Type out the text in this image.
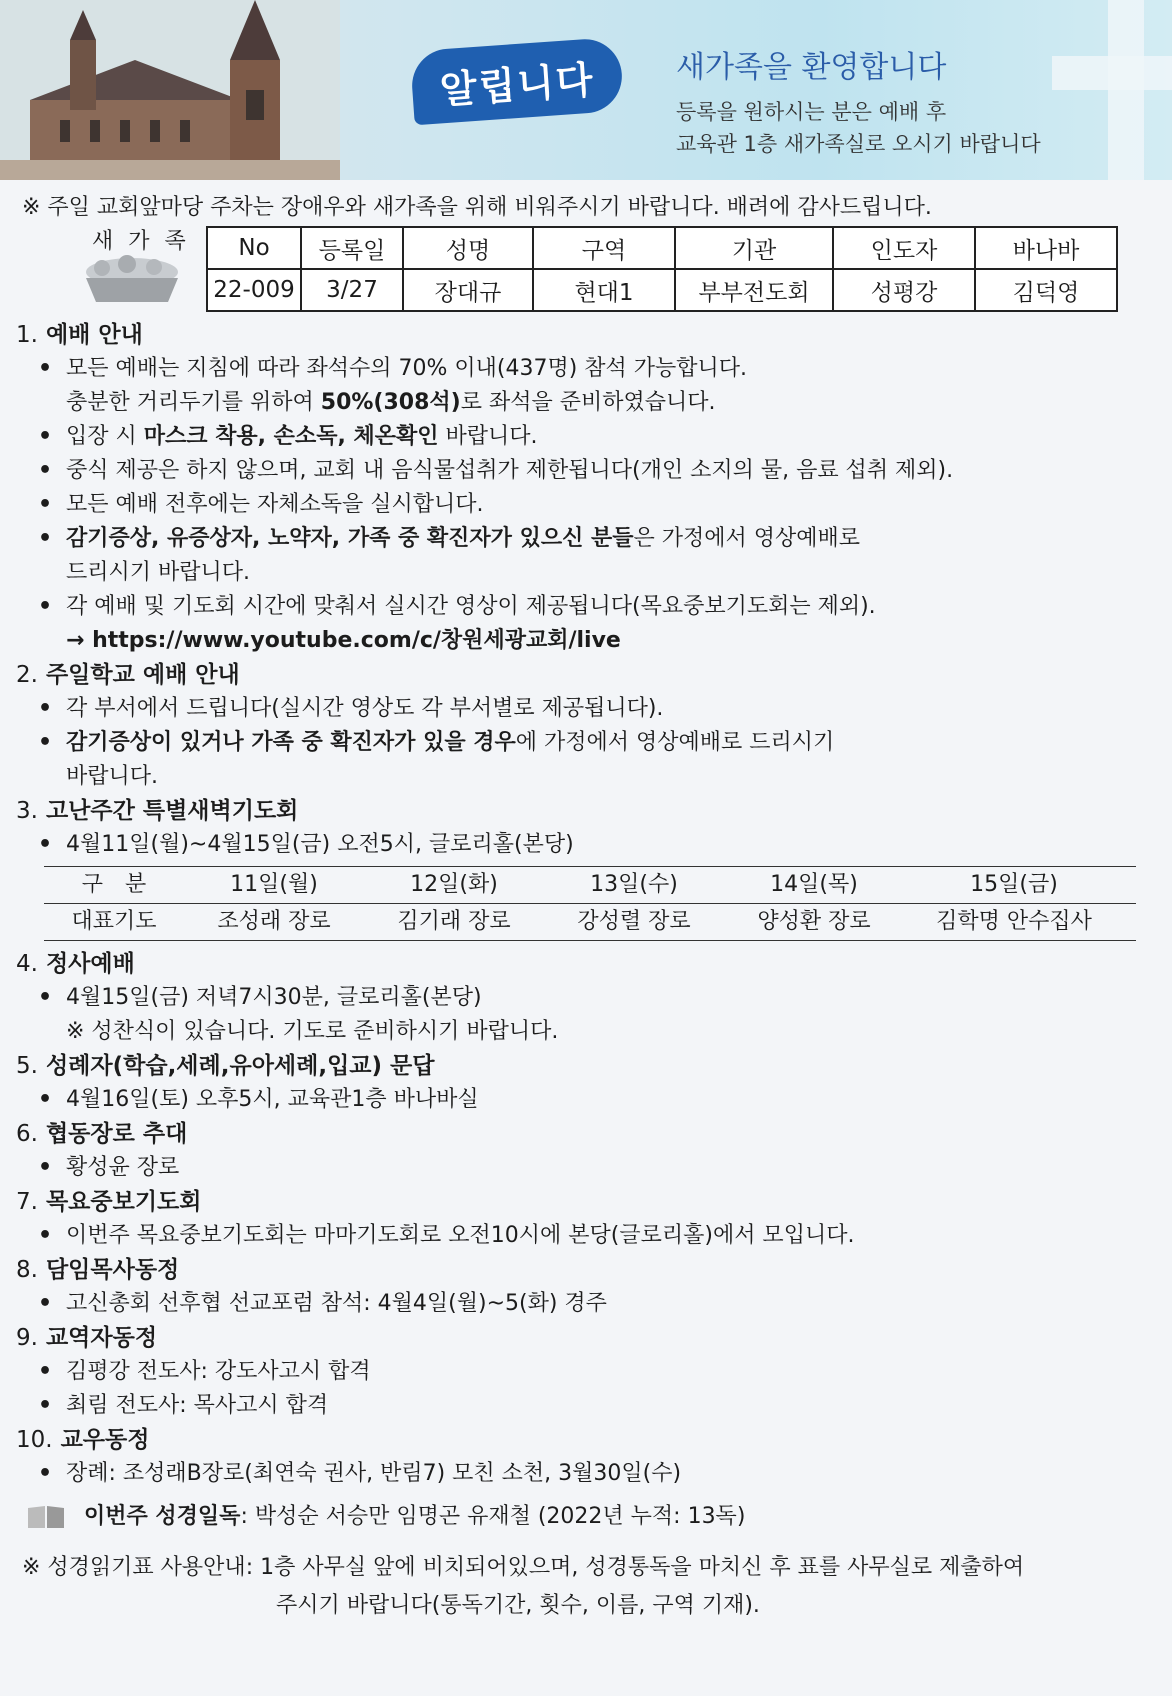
알립니다	새가족을 환영합니다
등록을 원하시는 분은 예배 후
교육관 1층 새가족실로 오시기 바랍니다
※ 주일 교회앞마당 주차는 장애우와 새가족을 위해 비워주시기 바랍니다. 배려에 감사드립니다.
새 가 족 No	등록일	성명	구역	기관	인도자	바나바
22-009	3/27	장대규	현대1	부부전도회	성평강	김덕영
1. 예배 안내
• 모든 예배는 지침에 따라 좌석수의 70% 이내(437명) 참석 가능합니다.
충분한 거리두기를 위하여 50%(308석)로 좌석을 준비하였습니다.
• 입장 시 마스크 착용, 손소독, 체온확인 바랍니다.
• 중식 제공은 하지 않으며, 교회 내 음식물섭취가 제한됩니다(개인 소지의 물, 음료 섭취 제외).
• 모든 예배 전후에는 자체소독을 실시합니다.
• 감기증상, 유증상자, 노약자, 가족 중 확진자가 있으신 분들은 가정에서 영상예배로
드리시기 바랍니다.
• 각 예배 및 기도회 시간에 맞춰서 실시간 영상이 제공됩니다(목요중보기도회는 제외).
→ https://www.youtube.com/c/창원세광교회/live
2. 주일학교 예배 안내
• 각 부서에서 드립니다(실시간 영상도 각 부서별로 제공됩니다).
• 감기증상이 있거나 가족 중 확진자가 있을 경우에 가정에서 영상예배로 드리시기
바랍니다.
3. 고난주간 특별새벽기도회
• 4월11일(월)~4월15일(금) 오전5시, 글로리홀(본당)
구　분	11일(월)	12일(화)	13일(수)	14일(목)	15일(금)
대표기도	조성래 장로	김기래 장로	강성렬 장로	양성환 장로	김학명 안수집사
4. 정사예배
• 4월15일(금) 저녁7시30분, 글로리홀(본당)
※ 성찬식이 있습니다. 기도로 준비하시기 바랍니다.
5. 성례자(학습,세례,유아세례,입교) 문답
• 4월16일(토) 오후5시, 교육관1층 바나바실
6. 협동장로 추대
• 황성윤 장로
7. 목요중보기도회
• 이번주 목요중보기도회는 마마기도회로 오전10시에 본당(글로리홀)에서 모입니다.
8. 담임목사동정
• 고신총회 선후협 선교포럼 참석: 4월4일(월)~5(화) 경주
9. 교역자동정
• 김평강 전도사: 강도사고시 합격
• 최림 전도사: 목사고시 합격
10. 교우동정
• 장례: 조성래B장로(최연숙 권사, 반림7) 모친 소천, 3월30일(수)
이번주 성경일독: 박성순 서승만 임명곤 유재철 (2022년 누적: 13독)
※ 성경읽기표 사용안내: 1층 사무실 앞에 비치되어있으며, 성경통독을 마치신 후 표를 사무실로 제출하여
주시기 바랍니다(통독기간, 횟수, 이름, 구역 기재).
